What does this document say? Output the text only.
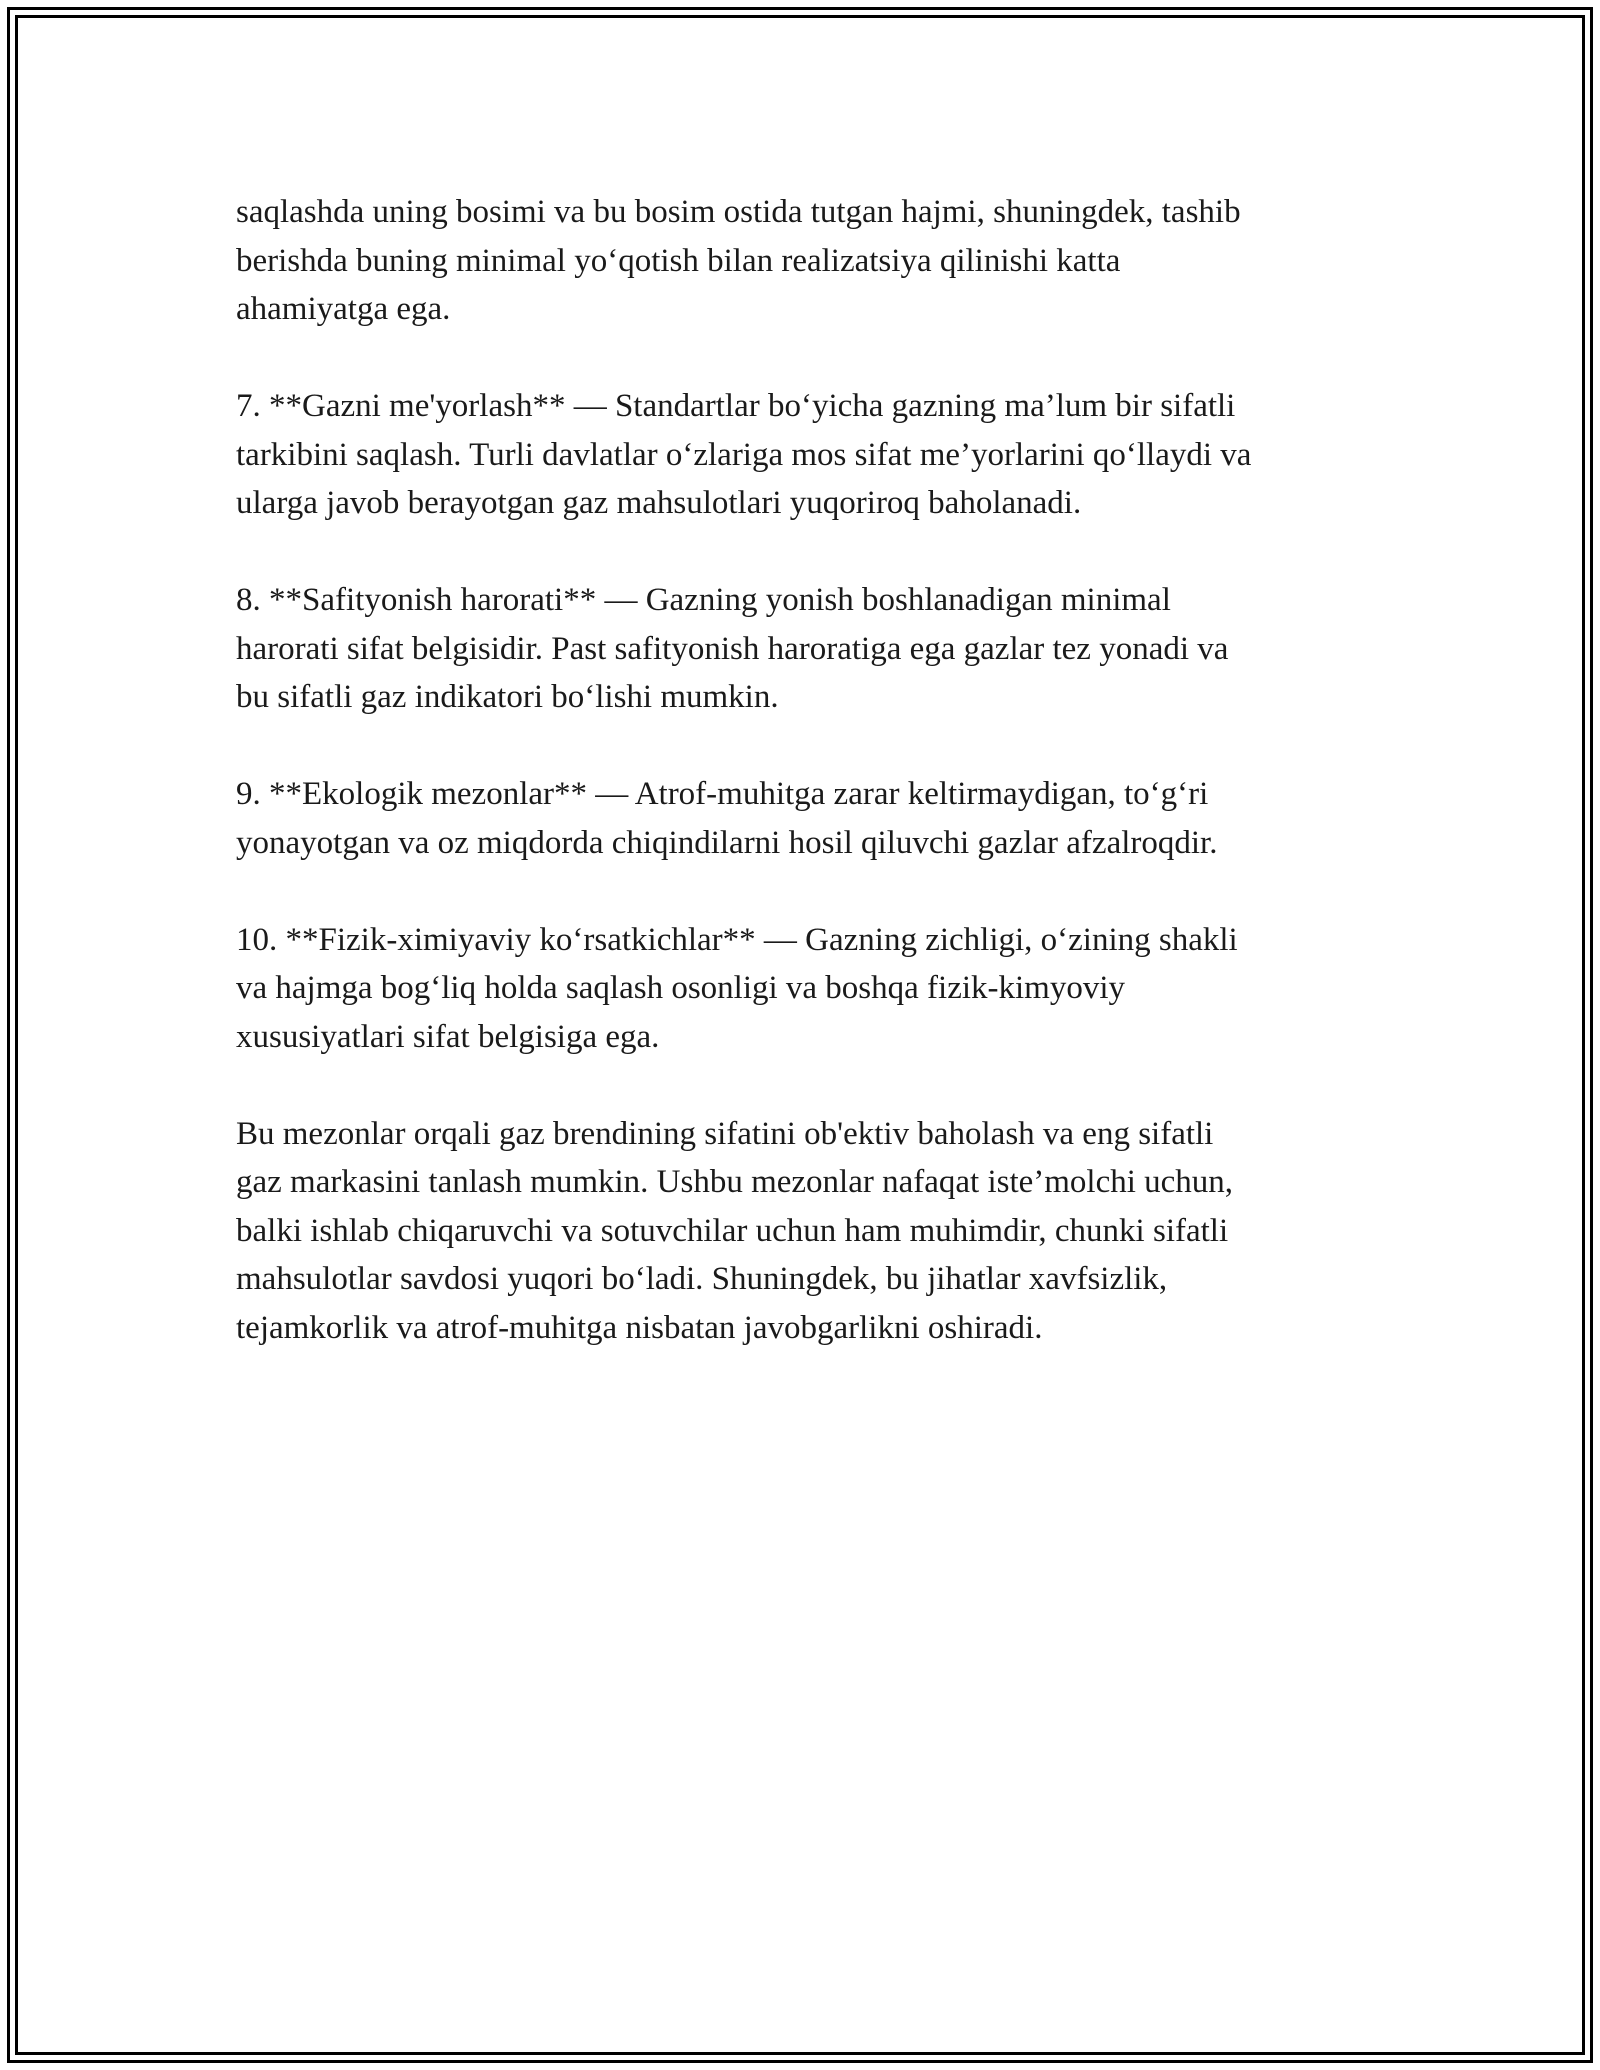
saqlashda uning bosimi va bu bosim ostida tutgan hajmi, shuningdek, tashib
berishda buning minimal yo‘qotish bilan realizatsiya qilinishi katta
ahamiyatga ega.

7. **Gazni me'yorlash** — Standartlar bo‘yicha gazning ma’lum bir sifatli
tarkibini saqlash. Turli davlatlar o‘zlariga mos sifat me’yorlarini qo‘llaydi va
ularga javob berayotgan gaz mahsulotlari yuqoriroq baholanadi.

8. **Safityonish harorati** — Gazning yonish boshlanadigan minimal
harorati sifat belgisidir. Past safityonish haroratiga ega gazlar tez yonadi va
bu sifatli gaz indikatori bo‘lishi mumkin.

9. **Ekologik mezonlar** — Atrof-muhitga zarar keltirmaydigan, to‘g‘ri
yonayotgan va oz miqdorda chiqindilarni hosil qiluvchi gazlar afzalroqdir.

10. **Fizik-ximiyaviy ko‘rsatkichlar** — Gazning zichligi, o‘zining shakli
va hajmga bog‘liq holda saqlash osonligi va boshqa fizik-kimyoviy
xususiyatlari sifat belgisiga ega.

Bu mezonlar orqali gaz brendining sifatini ob'ektiv baholash va eng sifatli
gaz markasini tanlash mumkin. Ushbu mezonlar nafaqat iste’molchi uchun,
balki ishlab chiqaruvchi va sotuvchilar uchun ham muhimdir, chunki sifatli
mahsulotlar savdosi yuqori bo‘ladi. Shuningdek, bu jihatlar xavfsizlik,
tejamkorlik va atrof-muhitga nisbatan javobgarlikni oshiradi.
